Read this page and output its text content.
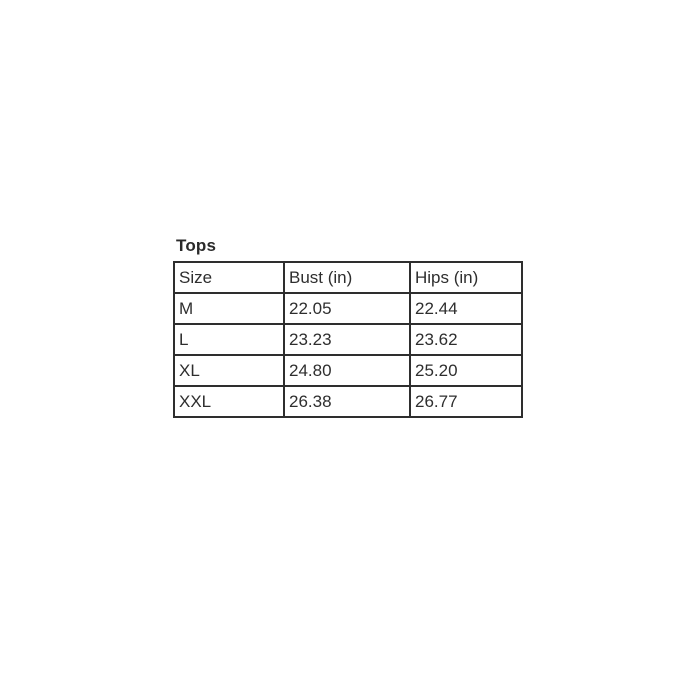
Tops
Size	Bust (in)	Hips (in)
M	22.05	22.44
L	23.23	23.62
XL	24.80	25.20
XXL	26.38	26.77
